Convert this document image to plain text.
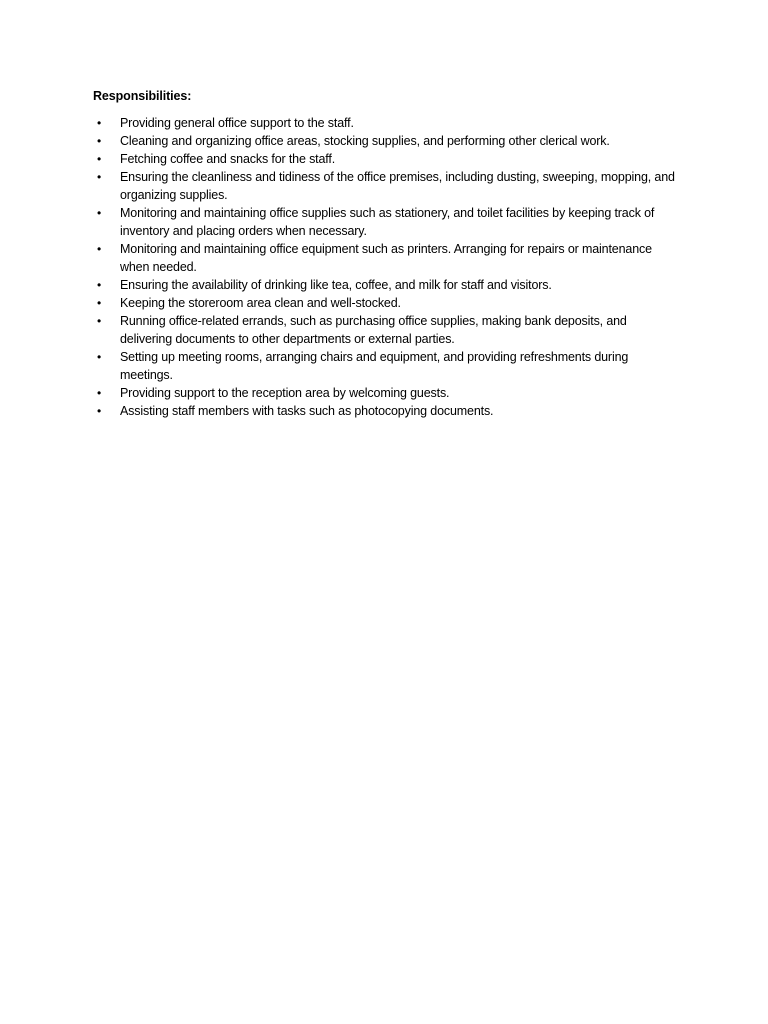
Responsibilities:
•	Providing general office support to the staff.
•	Cleaning and organizing office areas, stocking supplies, and performing other clerical work.
•	Fetching coffee and snacks for the staff.
•	Ensuring the cleanliness and tidiness of the office premises, including dusting, sweeping, mopping, and organizing supplies.
•	Monitoring and maintaining office supplies such as stationery, and toilet facilities by keeping track of inventory and placing orders when necessary.
•	Monitoring and maintaining office equipment such as printers. Arranging for repairs or maintenance when needed.
•	Ensuring the availability of drinking like tea, coffee, and milk for staff and visitors.
•	Keeping the storeroom area clean and well-stocked.
•	Running office-related errands, such as purchasing office supplies, making bank deposits, and delivering documents to other departments or external parties.
•	Setting up meeting rooms, arranging chairs and equipment, and providing refreshments during meetings.
•	Providing support to the reception area by welcoming guests.
•	Assisting staff members with tasks such as photocopying documents.
